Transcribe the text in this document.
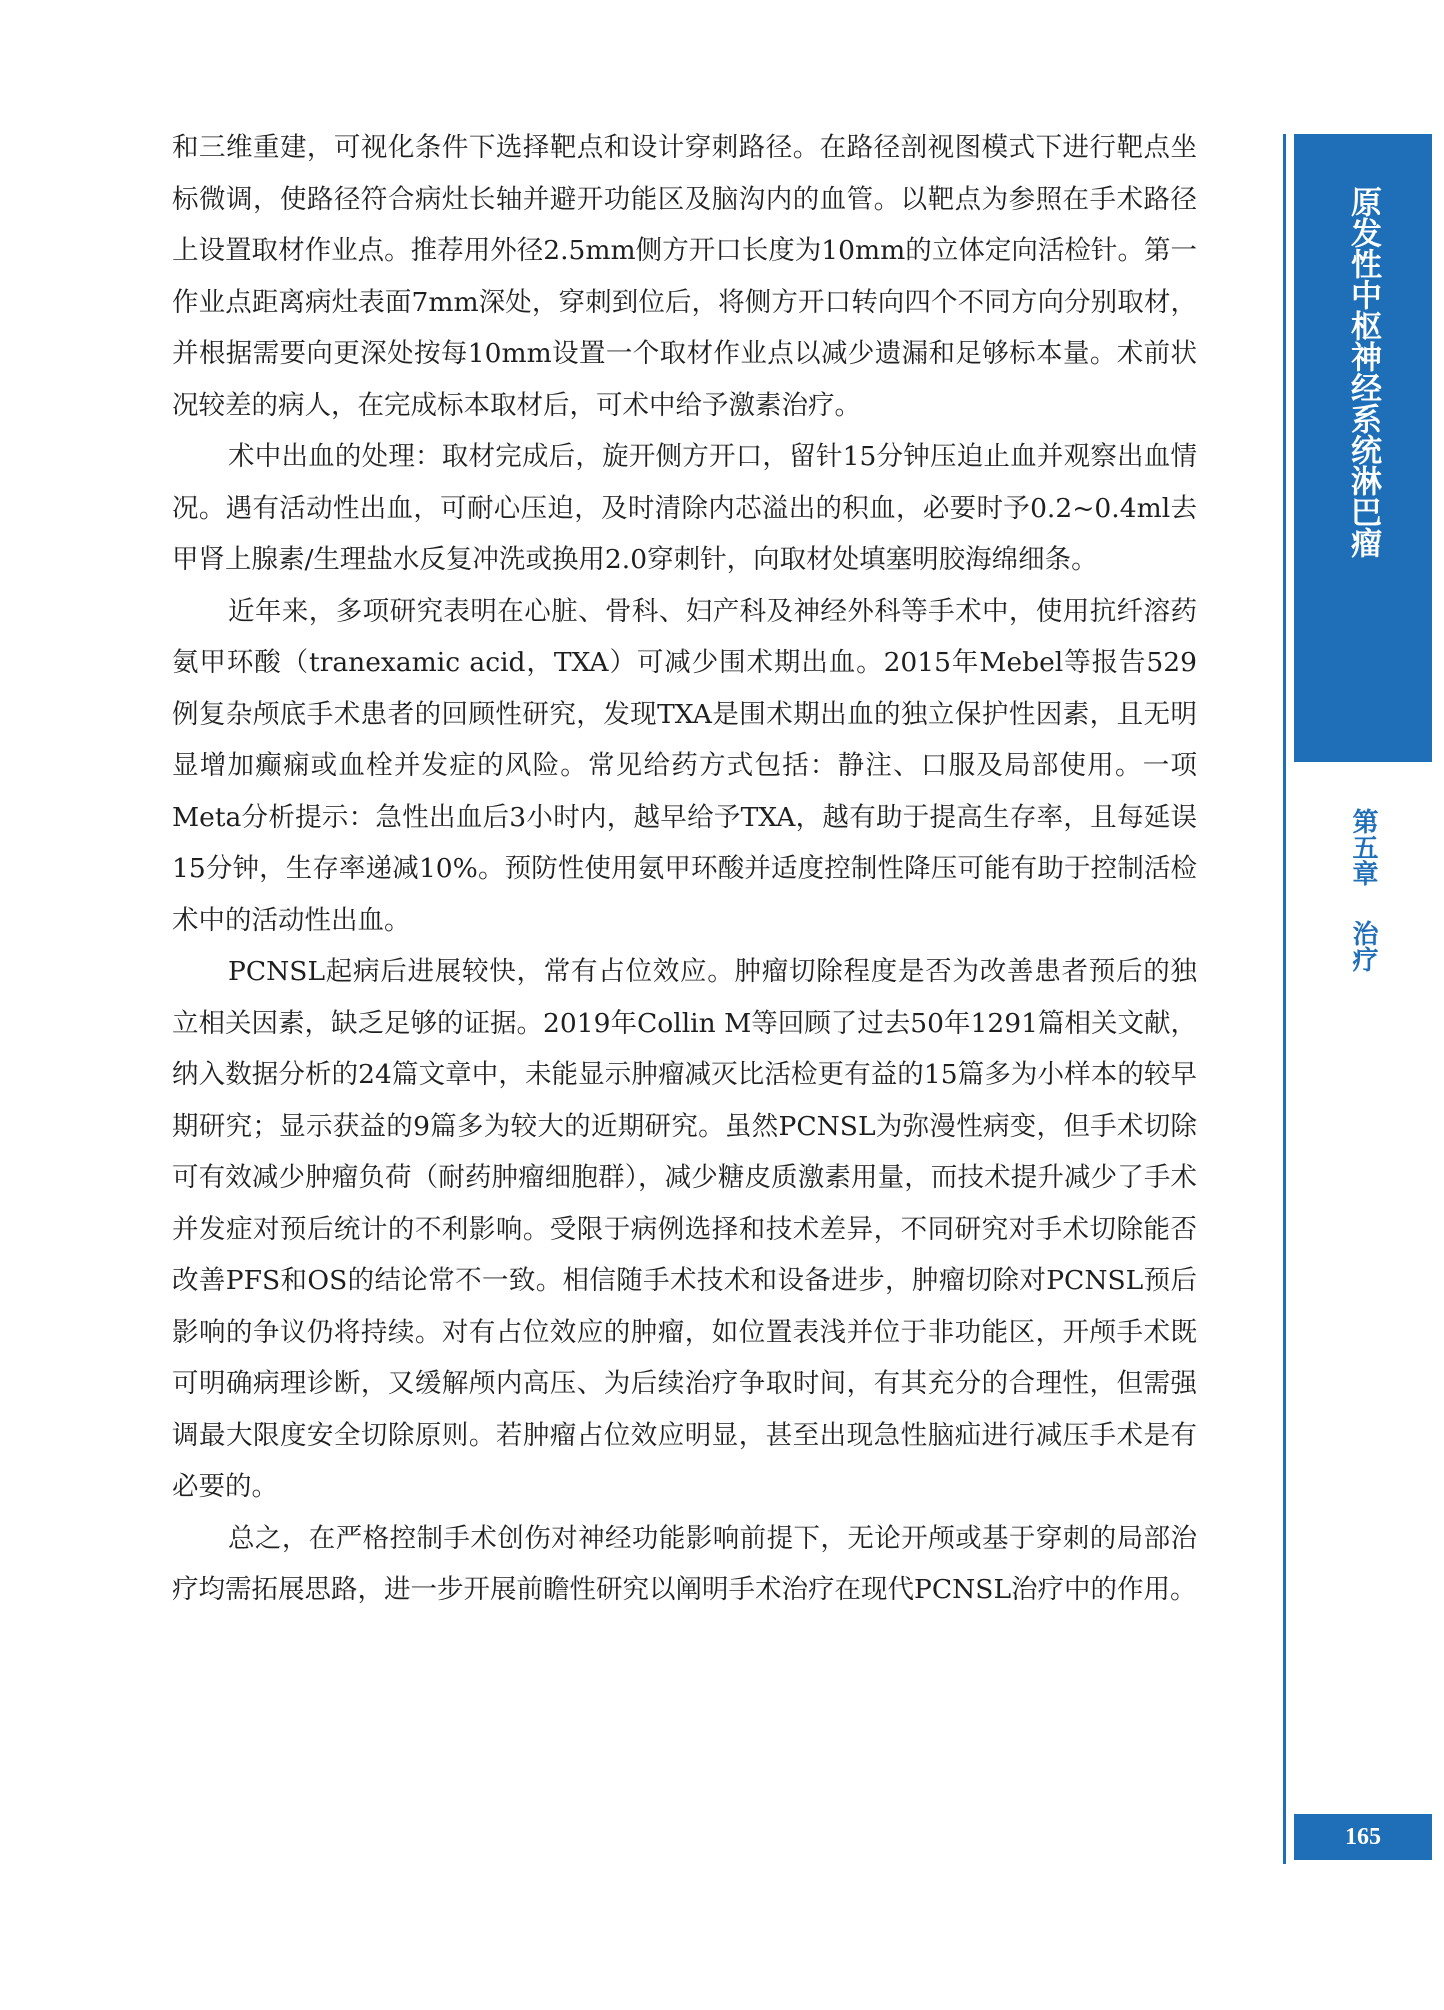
和三维重建，可视化条件下选择靶点和设计穿刺路径。在路径剖视图模式下进行靶点坐标微调，使路径符合病灶长轴并避开功能区及脑沟内的血管。以靶点为参照在手术路径上设置取材作业点。推荐用外径2.5mm侧方开口长度为10mm的立体定向活检针。第一作业点距离病灶表面7mm深处，穿刺到位后，将侧方开口转向四个不同方向分别取材，并根据需要向更深处按每10mm设置一个取材作业点以减少遗漏和足够标本量。术前状况较差的病人，在完成标本取材后，可术中给予激素治疗。

术中出血的处理：取材完成后，旋开侧方开口，留针15分钟压迫止血并观察出血情况。遇有活动性出血，可耐心压迫，及时清除内芯溢出的积血，必要时予0.2~0.4ml去甲肾上腺素/生理盐水反复冲洗或换用2.0穿刺针，向取材处填塞明胶海绵细条。

近年来，多项研究表明在心脏、骨科、妇产科及神经外科等手术中，使用抗纤溶药氨甲环酸（tranexamic acid，TXA）可减少围术期出血。2015年Mebel等报告529例复杂颅底手术患者的回顾性研究，发现TXA是围术期出血的独立保护性因素，且无明显增加癫痫或血栓并发症的风险。常见给药方式包括：静注、口服及局部使用。一项Meta分析提示：急性出血后3小时内，越早给予TXA，越有助于提高生存率，且每延误15分钟，生存率递减10%。预防性使用氨甲环酸并适度控制性降压可能有助于控制活检术中的活动性出血。

PCNSL起病后进展较快，常有占位效应。肿瘤切除程度是否为改善患者预后的独立相关因素，缺乏足够的证据。2019年Collin M等回顾了过去50年1291篇相关文献，纳入数据分析的24篇文章中，未能显示肿瘤减灭比活检更有益的15篇多为小样本的较早期研究；显示获益的9篇多为较大的近期研究。虽然PCNSL为弥漫性病变，但手术切除可有效减少肿瘤负荷（耐药肿瘤细胞群），减少糖皮质激素用量，而技术提升减少了手术并发症对预后统计的不利影响。受限于病例选择和技术差异，不同研究对手术切除能否改善PFS和OS的结论常不一致。相信随手术技术和设备进步，肿瘤切除对PCNSL预后影响的争议仍将持续。对有占位效应的肿瘤，如位置表浅并位于非功能区，开颅手术既可明确病理诊断，又缓解颅内高压、为后续治疗争取时间，有其充分的合理性，但需强调最大限度安全切除原则。若肿瘤占位效应明显，甚至出现急性脑疝进行减压手术是有必要的。

总之，在严格控制手术创伤对神经功能影响前提下，无论开颅或基于穿刺的局部治疗均需拓展思路，进一步开展前瞻性研究以阐明手术治疗在现代PCNSL治疗中的作用。

原发性中枢神经系统淋巴瘤
第五章
治疗
165
